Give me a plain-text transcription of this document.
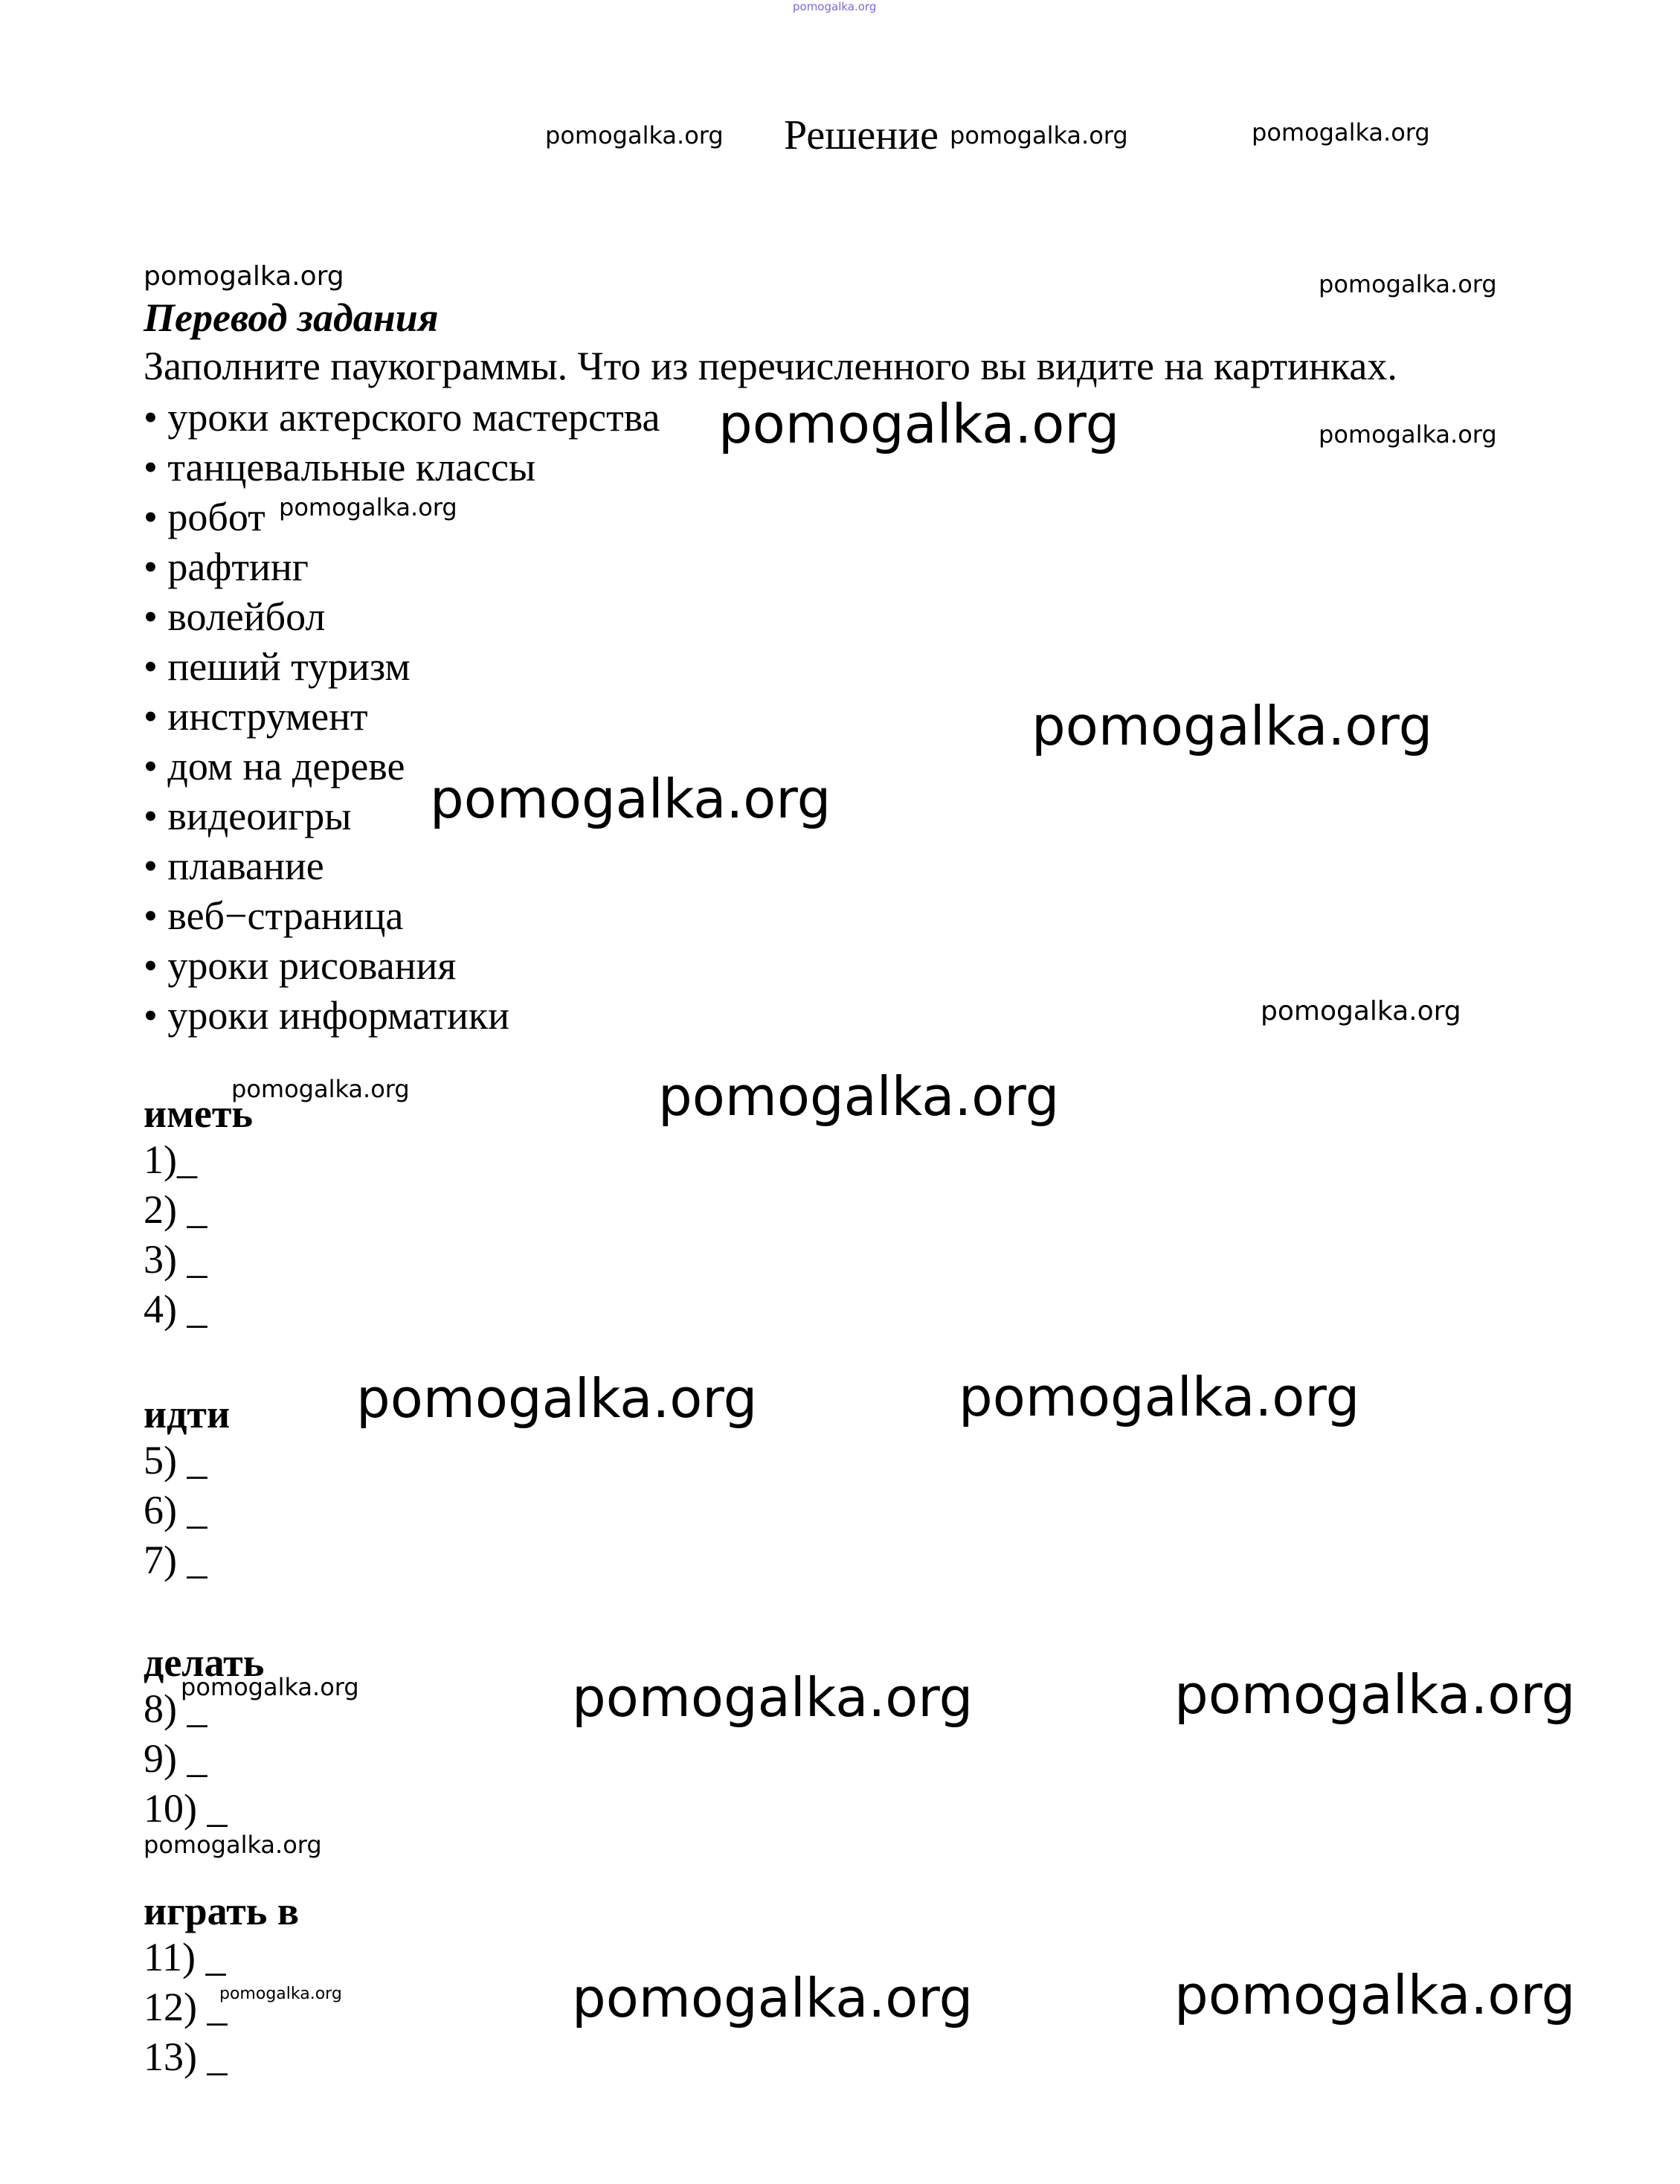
pomogalka.org
pomogalka.org	pomogalka.org	pomogalka.org
pomogalka.org	pomogalka.org
pomogalka.org	pomogalka.org
pomogalka.org
pomogalka.org
pomogalka.org
pomogalka.org
pomogalka.org	pomogalka.org
pomogalka.org	pomogalka.org
pomogalka.org	pomogalka.org	pomogalka.org
pomogalka.org
pomogalka.org	pomogalka.org	pomogalka.org
Решение
Перевод задания
Заполните паукограммы. Что из перечисленного вы видите на картинках.
• уроки актерского мастерства
• танцевальные классы
• робот
• рафтинг
• волейбол
• пеший туризм
• инструмент
• дом на дереве
• видеоигры
• плавание
• веб−страница
• уроки рисования
• уроки информатики
иметь
1)_
2) _
3) _
4) _
идти
5) _
6) _
7) _
делать
8) _
9) _
10) _
играть в
11) _
12) _
13) _
